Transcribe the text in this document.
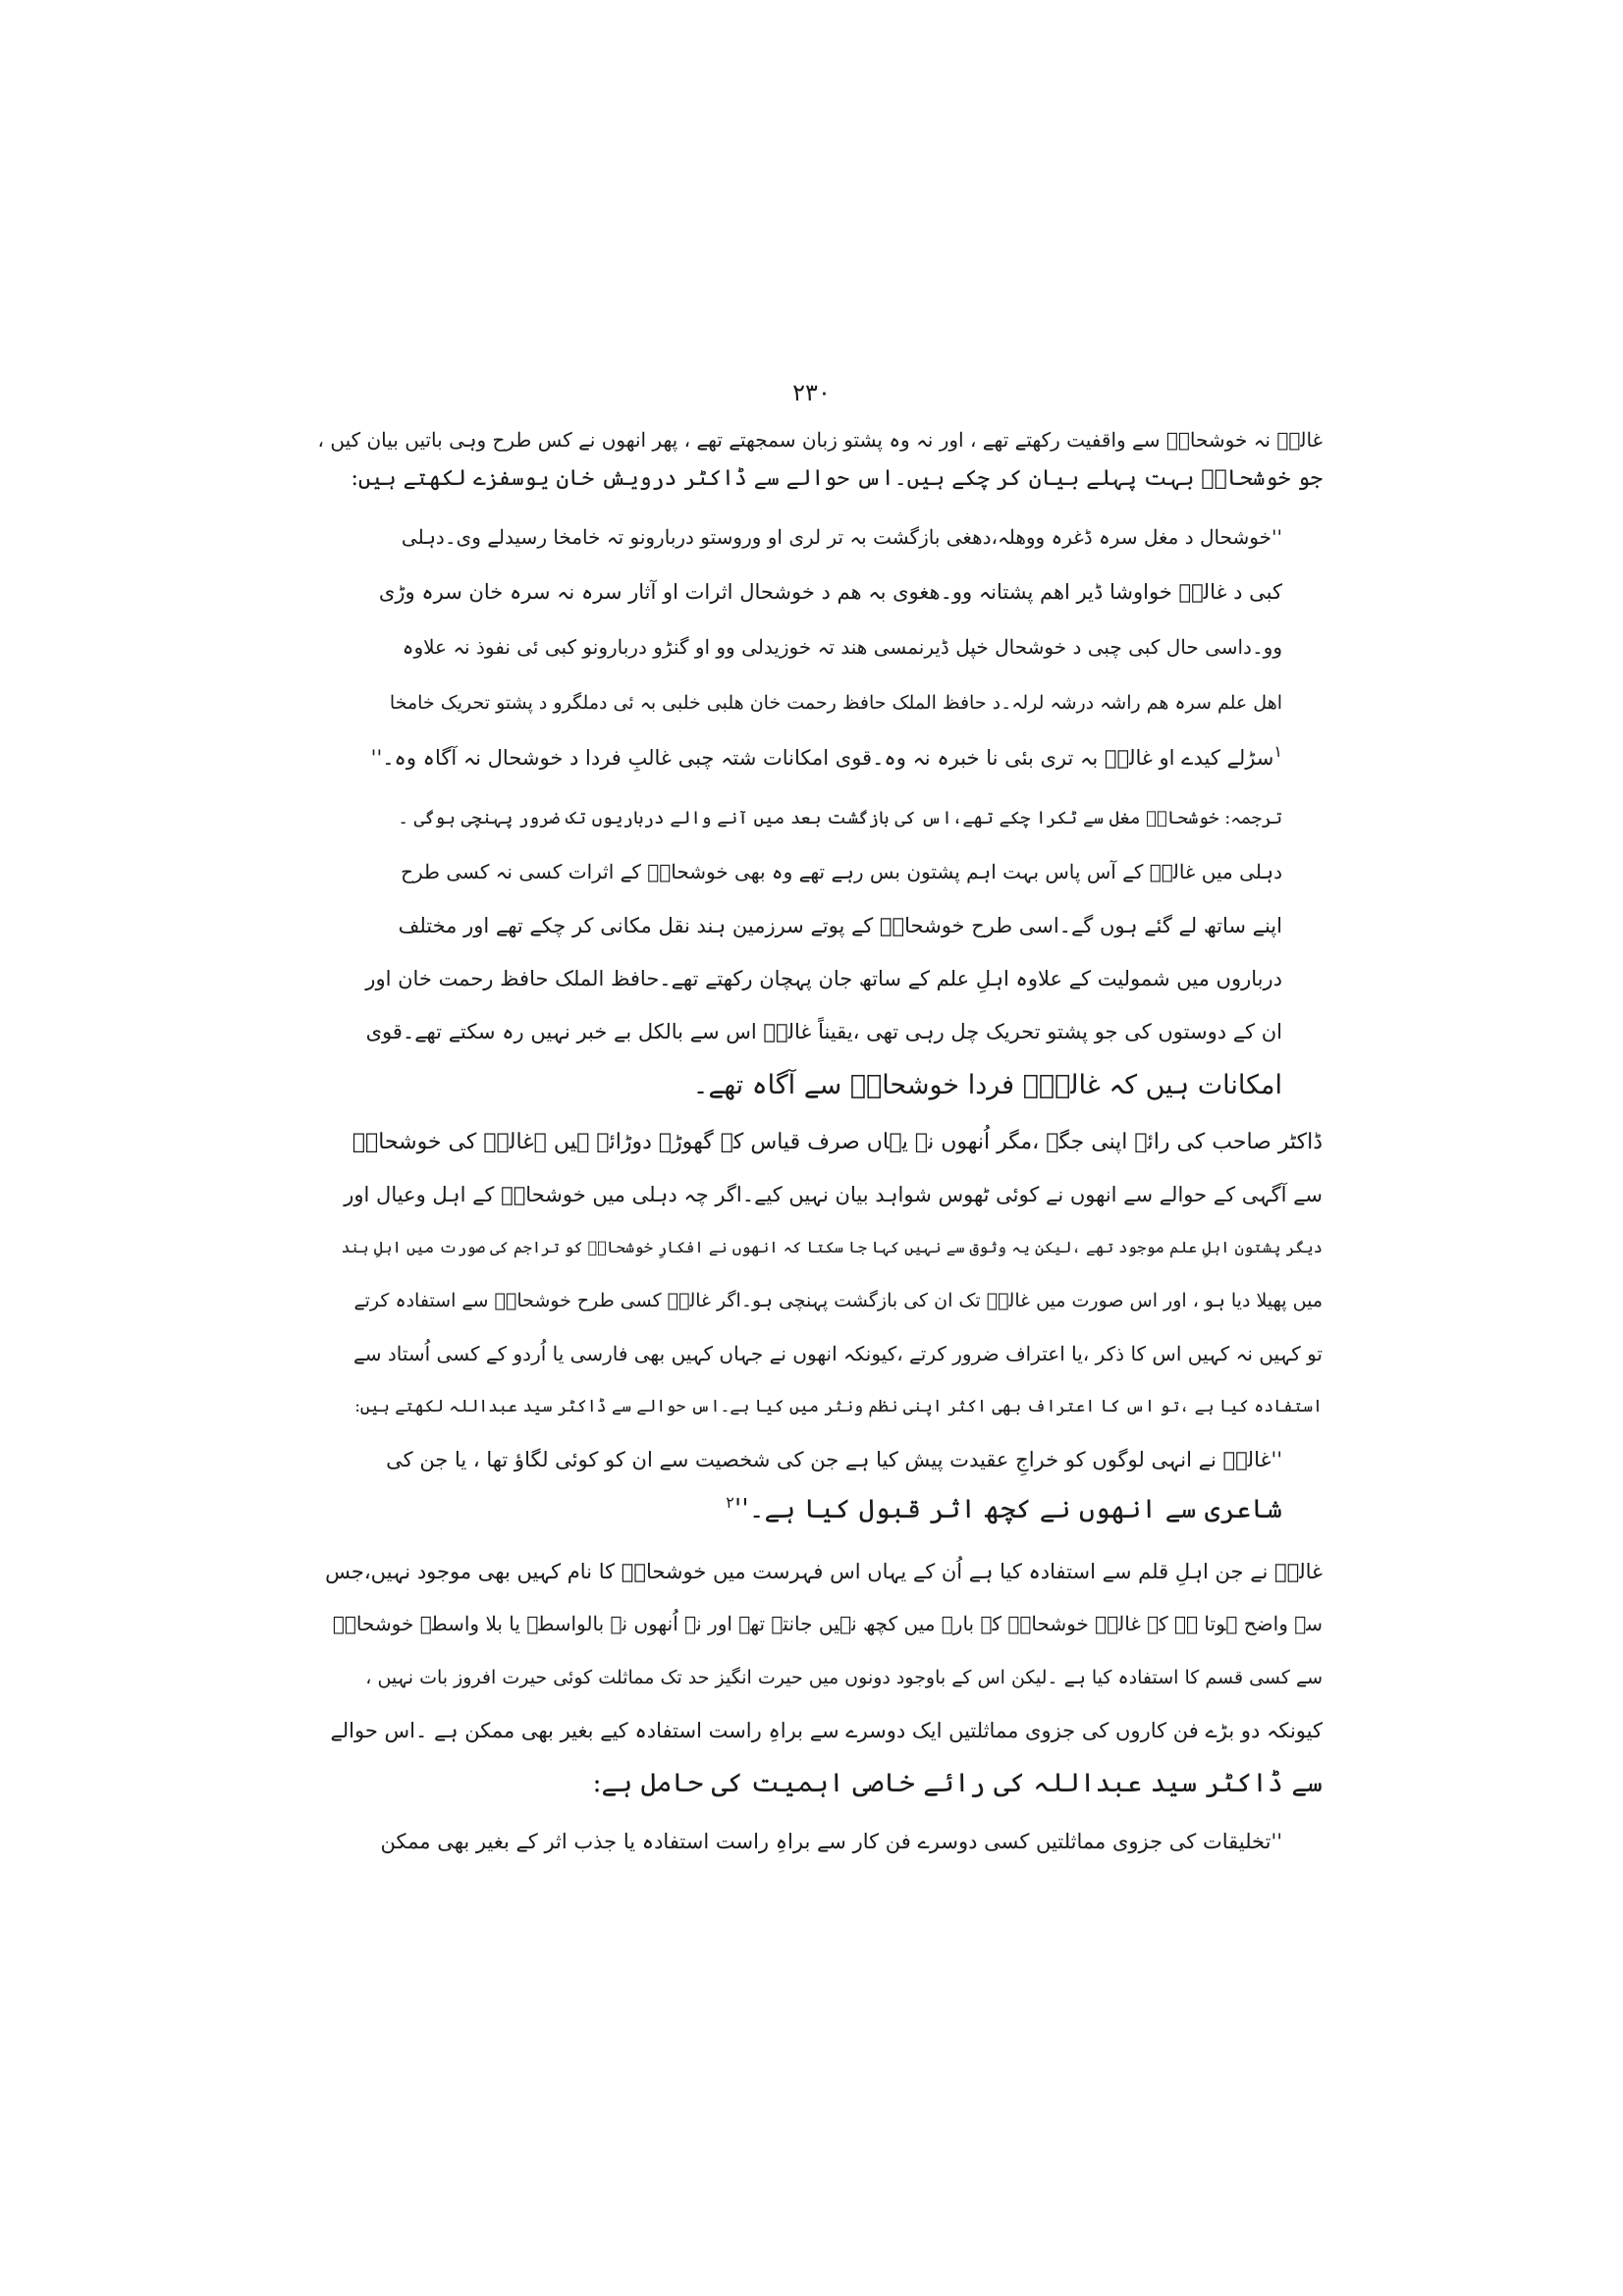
۲۳۰
غالبؔ نہ خوشحالؔ سے واقفیت رکھتے تھے ، اور نہ وہ پشتو زبان سمجھتے تھے ، پھر انھوں نے کس طرح وہی باتیں بیان کیں ،
جو خوشحالؔ بہت پہلے بیان کر چکے ہیں۔اس حوالے سے ڈاکٹر درویش خان یوسفزے لکھتے ہیں:
''خوشحال د مغل سرہ ڈغرہ ووھلہ،دھغی بازگشت بہ تر لری او وروستو دربارونو تہ خامخا رسیدلے وی۔دہلی
کبی د غالبؔ خواوشا ڈیر اھم پشتانہ وو۔ھغوی بہ ھم د خوشحال اثرات او آثار سرہ نہ سرہ خان سرہ وڑی
وو۔داسی حال کبی چبی د خوشحال خپل ڈیرنمسی ھند تہ خوزیدلی وو او گنڑو دربارونو کبی ئی نفوذ نہ علاوہ
اھل علم سرہ ھم راشہ درشہ لرلہ۔د حافظ الملک حافظ رحمت خان ھلبی خلبی بہ ئی دملگرو د پشتو تحریک خامخا
$^۱$سڑلے کیدے او غالبؔ بہ تری بئی نا خبرہ نہ وہ۔قوی امکانات شتہ چبی غالبِ فردا د خوشحال نہ آگاہ وہ۔''
ترجمہ: خوشحالؔ مغل سے ٹکرا چکے تھے،اس کی بازگشت بعد میں آنے والے درباریوں تک ضرور پہنچی ہوگی ۔
دہلی میں غالبؔ کے آس پاس بہت اہم پشتون بس رہے تھے وہ بھی خوشحالؔ کے اثرات کسی نہ کسی طرح
اپنے ساتھ لے گئے ہوں گے۔اسی طرح خوشحالؔ کے پوتے سرزمین ہند نقل مکانی کر چکے تھے اور مختلف
درباروں میں شمولیت کے علاوہ اہلِ علم کے ساتھ جان پہچان رکھتے تھے۔حافظ الملک حافظ رحمت خان اور
ان کے دوستوں کی جو پشتو تحریک چل رہی تھی ،یقیناً غالبؔ اس سے بالکل بے خبر نہیں رہ سکتے تھے۔قوی
امکانات ہیں کہ غالبِؔ فردا خوشحالؔ سے آگاہ تھے۔
ڈاکٹر صاحب کی رائے اپنی جگہ ،مگر اُنھوں نے یہاں صرف قیاس کے گھوڑے دوڑائے ہیں ۔غالبؔ کی خوشحالؔ
سے آگہی کے حوالے سے انھوں نے کوئی ٹھوس شواہد بیان نہیں کیے۔اگر چہ دہلی میں خوشحالؔ کے اہل وعیال اور
دیگر پشتون اہلِ علم موجود تھے ،لیکن یہ وثوق سے نہیں کہا جا سکتا کہ انھوں نے افکارِ خوشحالؔ کو تراجم کی صورت میں اہلِ ہند
میں پھیلا دیا ہو ، اور اس صورت میں غالبؔ تک ان کی بازگشت پہنچی ہو۔اگر غالبؔ کسی طرح خوشحالؔ سے استفادہ کرتے
تو کہیں نہ کہیں اس کا ذکر ،یا اعتراف ضرور کرتے ،کیونکہ انھوں نے جہاں کہیں بھی فارسی یا اُردو کے کسی اُستاد سے
استفادہ کیا ہے ،تو اس کا اعتراف بھی اکثر اپنی نظم ونثر میں کیا ہے۔اس حوالے سے ڈاکٹر سید عبداللہ لکھتے ہیں:
''غالبؔ نے انہی لوگوں کو خراجِ عقیدت پیش کیا ہے جن کی شخصیت سے ان کو کوئی لگاؤ تھا ، یا جن کی
شاعری سے انھوں نے کچھ اثر قبول کیا ہے۔''$^۲$
غالبؔ نے جن اہلِ قلم سے استفادہ کیا ہے اُن کے یہاں اس فہرست میں خوشحالؔ کا نام کہیں بھی موجود نہیں،جس
سے واضح ہوتا ہے کہ غالبؔ خوشحالؔ کے بارے میں کچھ نہیں جانتے تھے اور نہ اُنھوں نے بالواسطہ یا بلا واسطہ خوشحالؔ
سے کسی قسم کا استفادہ کیا ہے ۔لیکن اس کے باوجود دونوں میں حیرت انگیز حد تک مماثلت کوئی حیرت افروز بات نہیں ،
کیونکہ دو بڑے فن کاروں کی جزوی مماثلتیں ایک دوسرے سے براہِ راست استفادہ کیے بغیر بھی ممکن ہے ۔اس حوالے
سے ڈاکٹر سید عبداللہ کی رائے خاصی اہمیت کی حامل ہے:
''تخلیقات کی جزوی مماثلتیں کسی دوسرے فن کار سے براہِ راست استفادہ یا جذب اثر کے بغیر بھی ممکن
